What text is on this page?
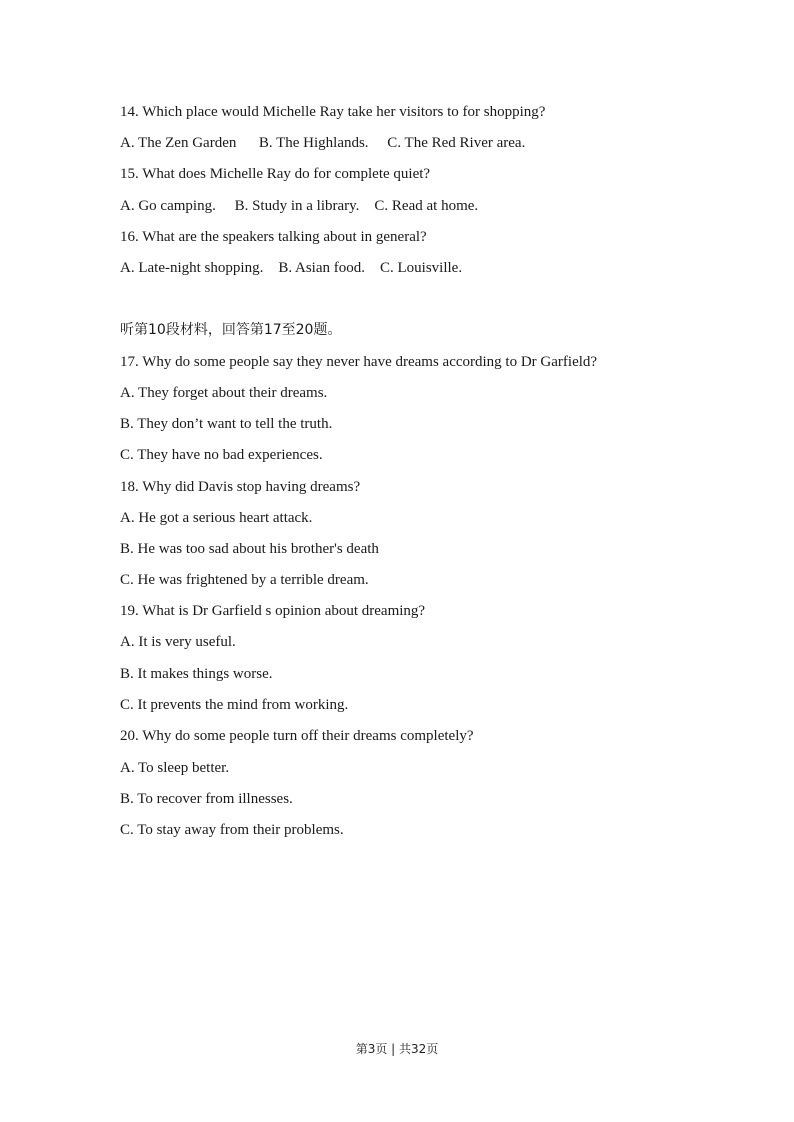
14. Which place would Michelle Ray take her visitors to for shopping?
A. The Zen Garden      B. The Highlands.     C. The Red River area.
15. What does Michelle Ray do for complete quiet?
A. Go camping.     B. Study in a library.    C. Read at home.
16. What are the speakers talking about in general?
A. Late-night shopping.    B. Asian food.    C. Louisville.
听第10段材料，回答第17至20题。
17. Why do some people say they never have dreams according to Dr Garfield?
A. They forget about their dreams.
B. They don’t want to tell the truth.
C. They have no bad experiences.
18. Why did Davis stop having dreams?
A. He got a serious heart attack.
B. He was too sad about his brother's death
C. He was frightened by a terrible dream.
19. What is Dr Garfield s opinion about dreaming?
A. It is very useful.
B. It makes things worse.
C. It prevents the mind from working.
20. Why do some people turn off their dreams completely?
A. To sleep better.
B. To recover from illnesses.
C. To stay away from their problems.
第3页 | 共32页
